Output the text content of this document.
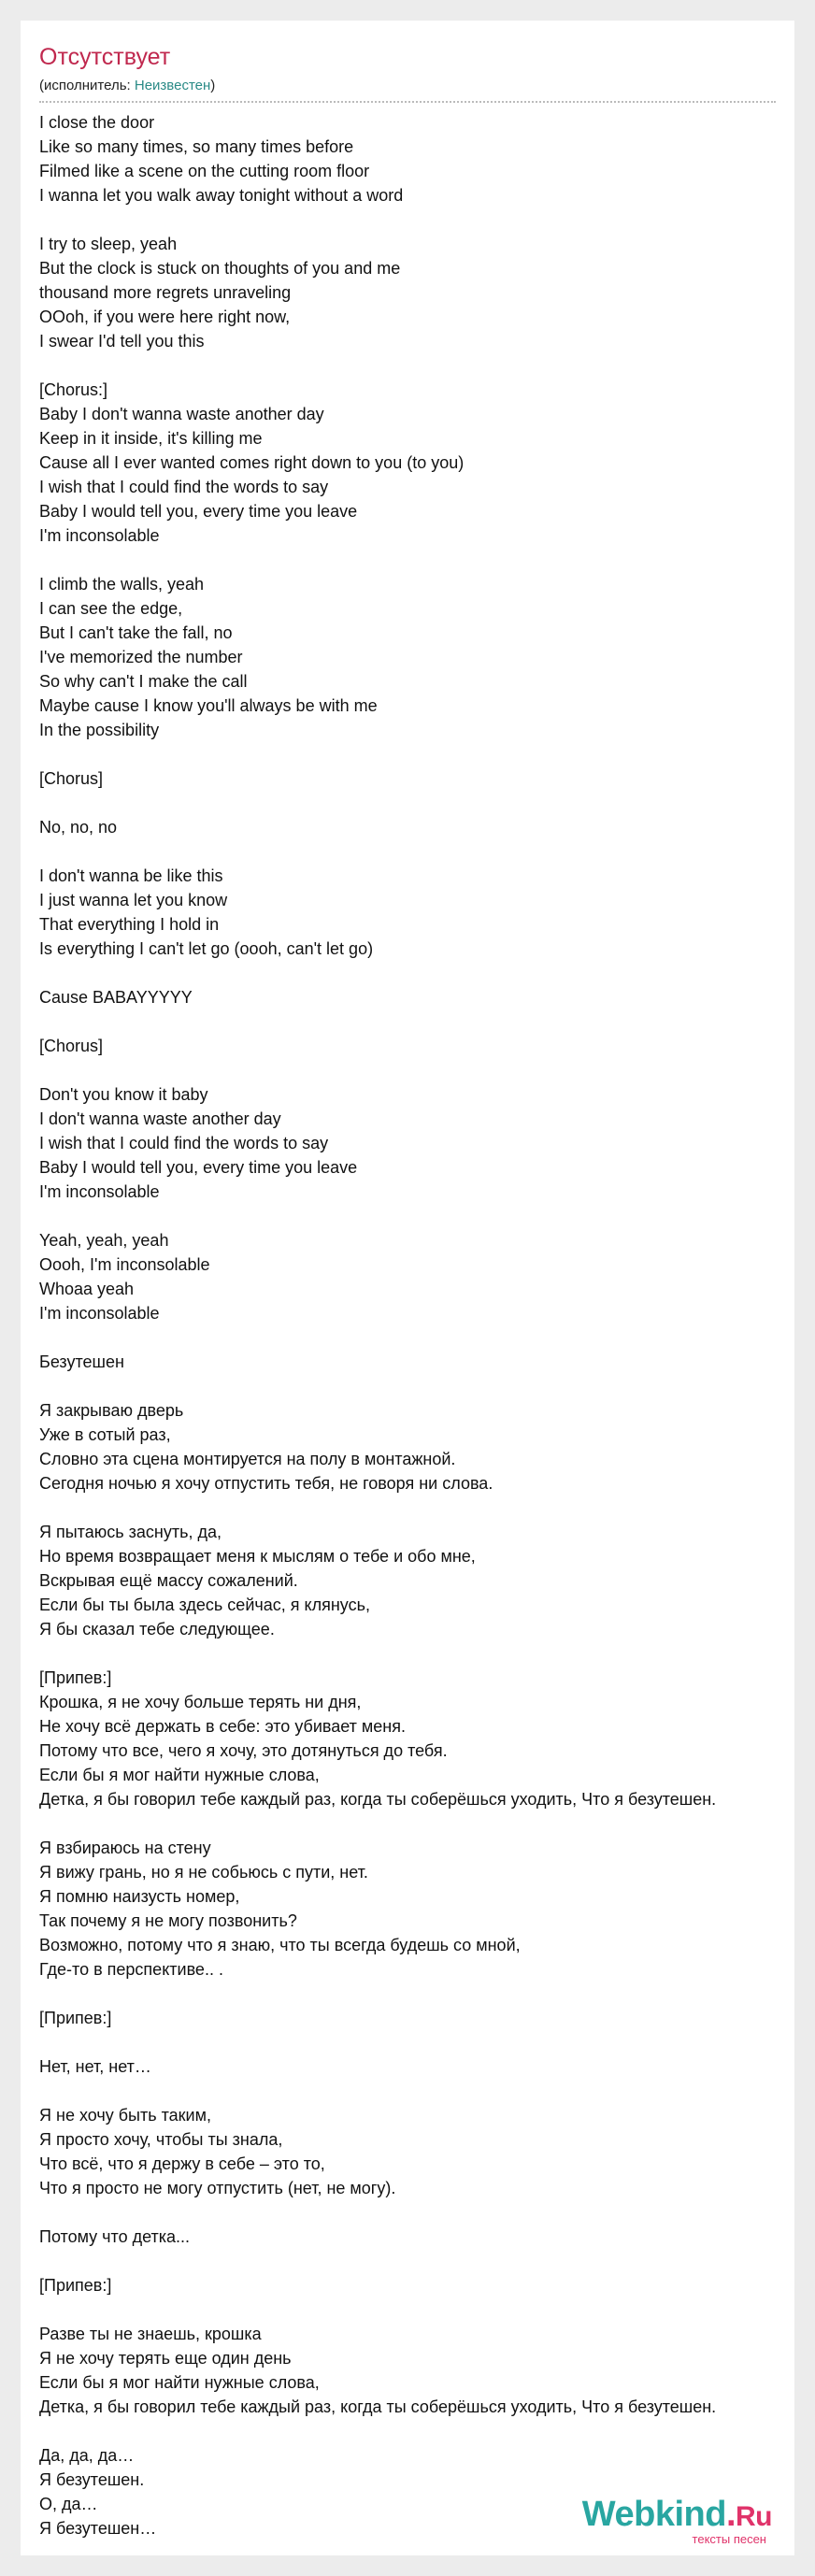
Отсутствует
(исполнитель: Неизвестен)
I close the door
Like so many times, so many times before
Filmed like a scene on the cutting room floor
I wanna let you walk away tonight without a word
I try to sleep, yeah
But the clock is stuck on thoughts of you and me
thousand more regrets unraveling
OOoh, if you were here right now,
I swear I'd tell you this
[Chorus:]
Baby I don't wanna waste another day
Keep in it inside, it's killing me
Cause all I ever wanted comes right down to you (to you)
I wish that I could find the words to say
Baby I would tell you, every time you leave
I'm inconsolable
I climb the walls, yeah
I can see the edge,
But I can't take the fall, no
I've memorized the number
So why can't I make the call
Maybe cause I know you'll always be with me
In the possibility
[Chorus]
No, no, no
I don't wanna be like this
I just wanna let you know
That everything I hold in
Is everything I can't let go (oooh, can't let go)
Cause BABAYYYYY
[Chorus]
Don't you know it baby
I don't wanna waste another day
I wish that I could find the words to say
Baby I would tell you, every time you leave
I'm inconsolable
Yeah, yeah, yeah
Oooh, I'm inconsolable
Whoaa yeah
I'm inconsolable
Безутешен
Я закрываю дверь
Уже в сотый раз,
Словно эта сцена монтируется на полу в монтажной.
Сегодня ночью я хочу отпустить тебя, не говоря ни слова.
Я пытаюсь заснуть, да,
Но время возвращает меня к мыслям о тебе и обо мне,
Вскрывая ещё массу сожалений.
Если бы ты была здесь сейчас, я клянусь,
Я бы сказал тебе следующее.
[Припев:]
Крошка, я не хочу больше терять ни дня,
Не хочу всё держать в себе: это убивает меня.
Потому что все, чего я хочу, это дотянуться до тебя.
Если бы я мог найти нужные слова,
Детка, я бы говорил тебе каждый раз, когда ты соберёшься уходить, Что я безутешен.
Я взбираюсь на стену
Я вижу грань, но я не собьюсь с пути, нет.
Я помню наизусть номер,
Так почему я не могу позвонить?
Возможно, потому что я знаю, что ты всегда будешь со мной,
Где-то в перспективе.. .
[Припев:]
Нет, нет, нет…
Я не хочу быть таким,
Я просто хочу, чтобы ты знала,
Что всё, что я держу в себе – это то,
Что я просто не могу отпустить (нет, не могу).
Потому что детка...
[Припев:]
Разве ты не знаешь, крошка
Я не хочу терять еще один день
Если бы я мог найти нужные слова,
Детка, я бы говорил тебе каждый раз, когда ты соберёшься уходить, Что я безутешен.
Да, да, да…
Я безутешен.
О, да…
Я безутешен…	Webkind.Ru
тексты песен
